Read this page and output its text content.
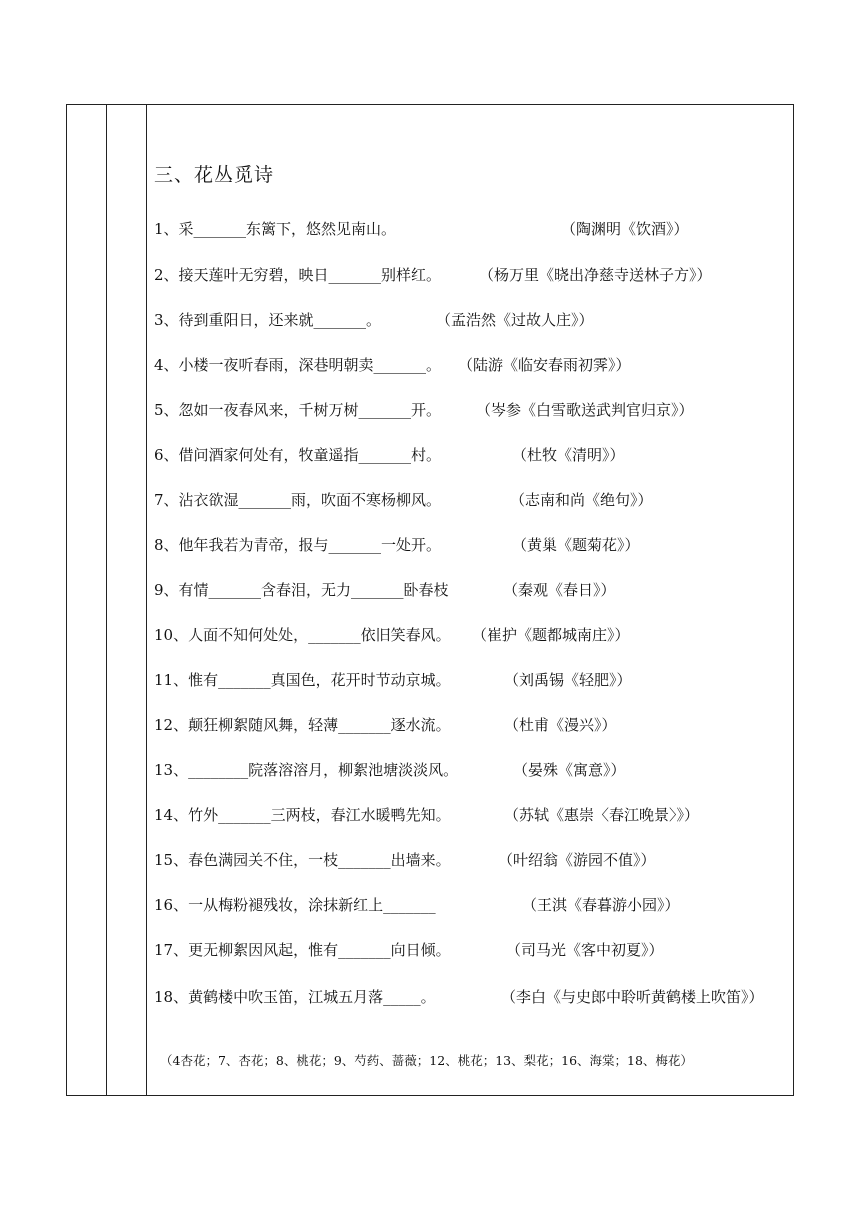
三、花丛觅诗
1、采_______东篱下，悠然见南山。	（陶渊明《饮酒》）
2、接天莲叶无穷碧，映日_______别样红。	（杨万里《晓出净慈寺送林子方》）
3、待到重阳日，还来就_______。	（孟浩然《过故人庄》）
4、小楼一夜听春雨，深巷明朝卖_______。 （陆游《临安春雨初霁》）
5、忽如一夜春风来，千树万树_______开。 （岑参《白雪歌送武判官归京》）
6、借问酒家何处有，牧童遥指_______村。	（杜牧《清明》）
7、沾衣欲湿_______雨，吹面不寒杨柳风。	（志南和尚《绝句》）
8、他年我若为青帝，报与_______一处开。	（黄巢《题菊花》）
9、有情_______含春泪，无力_______卧春枝	（秦观《春日》）
10、人面不知何处处，_______依旧笑春风。 （崔护《题都城南庄》）
11、惟有_______真国色，花开时节动京城。	（刘禹锡《轻肥》）
12、颠狂柳絮随风舞，轻薄_______逐水流。	（杜甫《漫兴》）
13、________院落溶溶月，柳絮池塘淡淡风。	（晏殊《寓意》）
14、竹外_______三两枝，春江水暖鸭先知。	（苏轼《惠崇〈春江晚景〉》）
15、春色满园关不住，一枝_______出墙来。	（叶绍翁《游园不值》）
16、一从梅粉褪残妆，涂抹新红上_______	（王淇《春暮游小园》）
17、更无柳絮因风起，惟有_______向日倾。	（司马光《客中初夏》）
18、黄鹤楼中吹玉笛，江城五月落_____。	（李白《与史郎中聆听黄鹤楼上吹笛》）
（4杏花；7、杏花；8、桃花；9、芍药、蔷薇；12、桃花；13、梨花；16、海棠；18、梅花）
